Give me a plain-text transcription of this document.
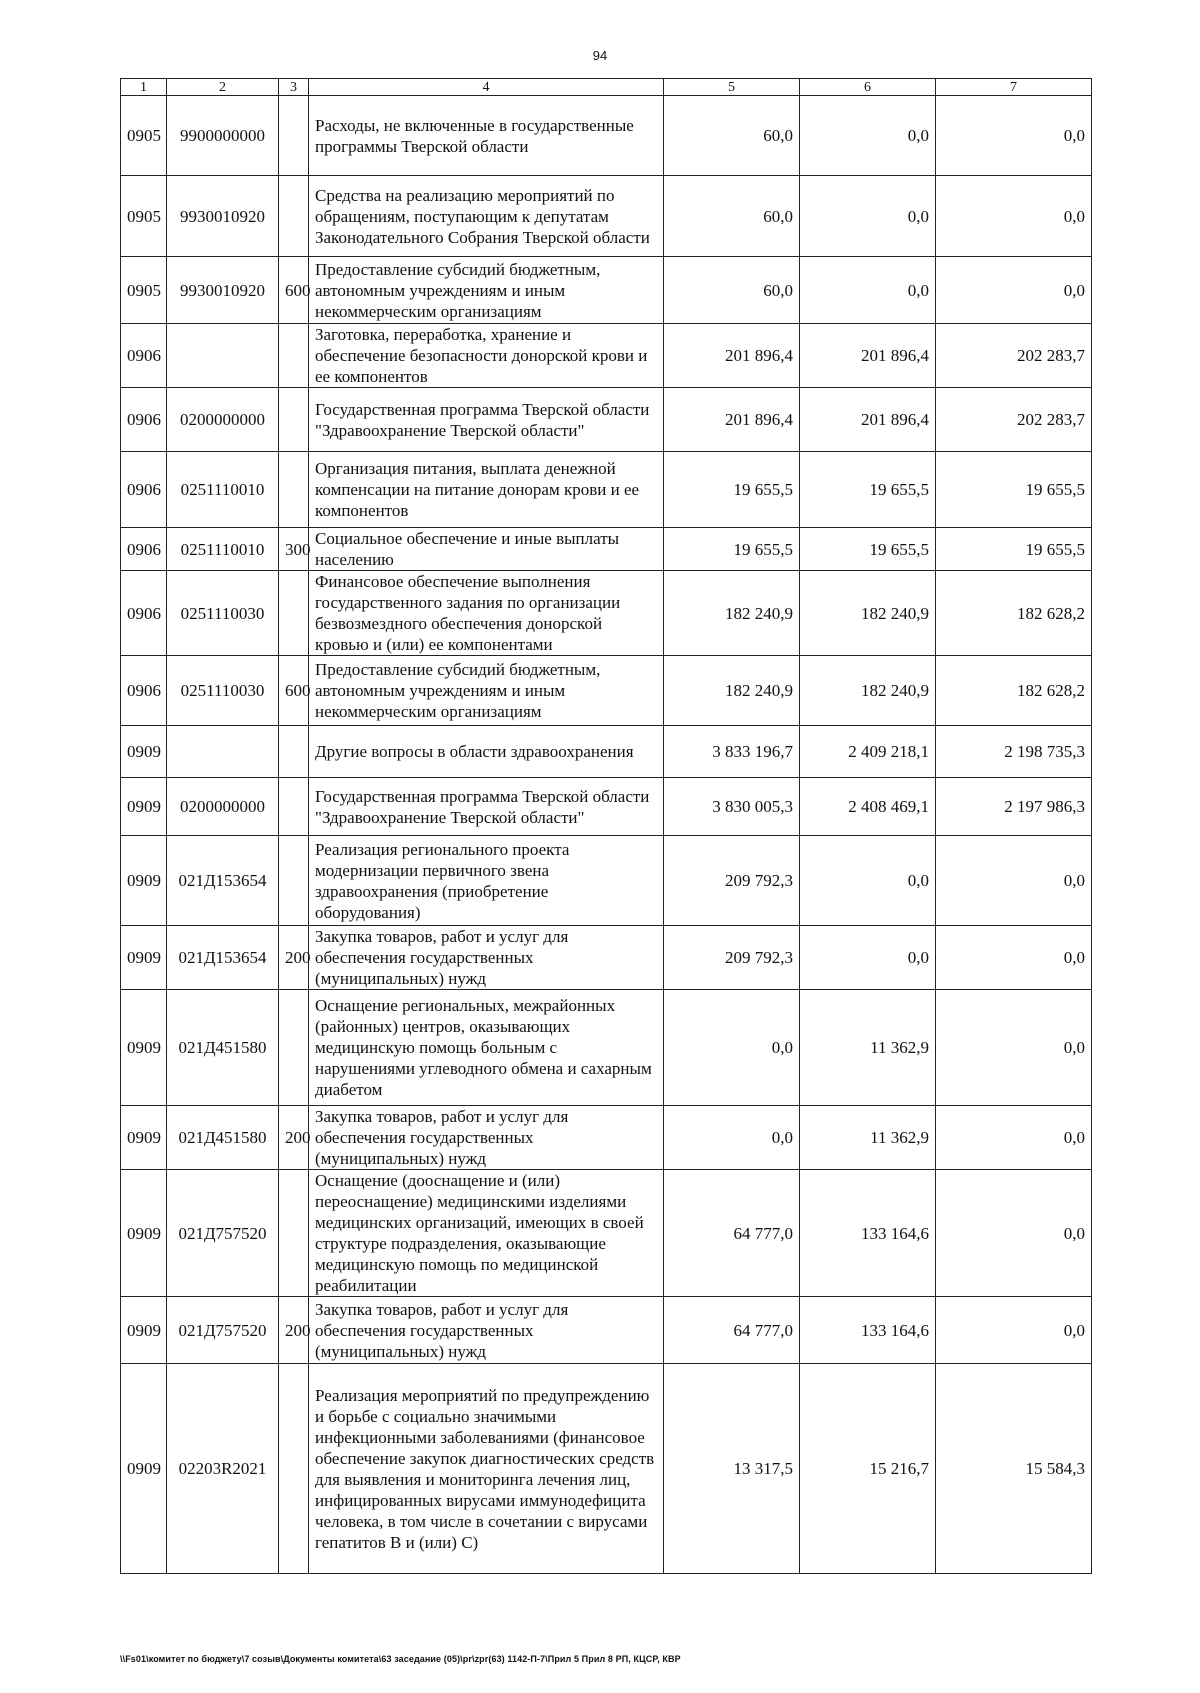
94
1	2	3	4	5	6	7
0905	9900000000		Расходы, не включенные в государственные программы Тверской области	60,0	0,0	0,0
0905	9930010920		Средства на реализацию мероприятий по обращениям, поступающим к депутатам Законодательного Собрания Тверской области	60,0	0,0	0,0
0905	9930010920	600	Предоставление субсидий бюджетным, автономным учреждениям и иным некоммерческим организациям	60,0	0,0	0,0
0906			Заготовка, переработка, хранение и обеспечение безопасности донорской крови и ее компонентов	201 896,4	201 896,4	202 283,7
0906	0200000000		Государственная программа Тверской области "Здравоохранение Тверской области"	201 896,4	201 896,4	202 283,7
0906	0251110010		Организация питания, выплата денежной компенсации на питание донорам крови и ее компонентов	19 655,5	19 655,5	19 655,5
0906	0251110010	300	Социальное обеспечение и иные выплаты населению	19 655,5	19 655,5	19 655,5
0906	0251110030		Финансовое обеспечение выполнения государственного задания по организации безвозмездного обеспечения донорской кровью и (или) ее компонентами	182 240,9	182 240,9	182 628,2
0906	0251110030	600	Предоставление субсидий бюджетным, автономным учреждениям и иным некоммерческим организациям	182 240,9	182 240,9	182 628,2
0909			Другие вопросы в области здравоохранения	3 833 196,7	2 409 218,1	2 198 735,3
0909	0200000000		Государственная программа Тверской области "Здравоохранение Тверской области"	3 830 005,3	2 408 469,1	2 197 986,3
0909	021Д153654		Реализация регионального проекта модернизации первичного звена здравоохранения (приобретение оборудования)	209 792,3	0,0	0,0
0909	021Д153654	200	Закупка товаров, работ и услуг для обеспечения государственных (муниципальных) нужд	209 792,3	0,0	0,0
0909	021Д451580		Оснащение региональных, межрайонных (районных) центров, оказывающих медицинскую помощь больным с нарушениями углеводного обмена и сахарным диабетом	0,0	11 362,9	0,0
0909	021Д451580	200	Закупка товаров, работ и услуг для обеспечения государственных (муниципальных) нужд	0,0	11 362,9	0,0
0909	021Д757520		Оснащение (дооснащение и (или) переоснащение) медицинскими изделиями медицинских организаций, имеющих в своей структуре подразделения, оказывающие медицинскую помощь по медицинской реабилитации	64 777,0	133 164,6	0,0
0909	021Д757520	200	Закупка товаров, работ и услуг для обеспечения государственных (муниципальных) нужд	64 777,0	133 164,6	0,0
0909	02203R2021		Реализация мероприятий по предупреждению и борьбе с социально значимыми инфекционными заболеваниями (финансовое обеспечение закупок диагностических средств для выявления и мониторинга лечения лиц, инфицированных вирусами иммунодефицита человека, в том числе в сочетании с вирусами гепатитов В и (или) С)	13 317,5	15 216,7	15 584,3
\\Fs01\комитет по бюджету\7 созыв\Документы комитета\63 заседание (05)\pr\zpr(63) 1142-П-7\Прил 5 Прил 8 РП, КЦСР, КВР
